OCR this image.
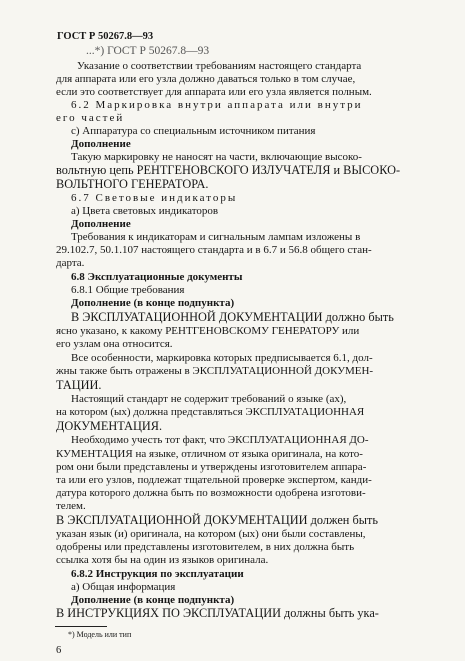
ГОСТ Р 50267.8—93
...*) ГОСТ Р 50267.8—93
Указание о соответствии требованиям настоящего стандарта
для аппарата или его узла должно даваться только в том случае,
если это соответствует для аппарата или его узла является полным.
6.2 Маркировка внутри аппарата или внутри
его частей
с) Аппаратура со специальным источником питания
Дополнение
Такую маркировку не наносят на части, включающие высоко-
вольтную цепь РЕНТГЕНОВСКОГО ИЗЛУЧАТЕЛЯ и ВЫСОКО-
ВОЛЬТНОГО ГЕНЕРАТОРА.
6.7 Световые индикаторы
а) Цвета световых индикаторов
Дополнение
Требования к индикаторам и сигнальным лампам изложены в
29.102.7, 50.1.107 настоящего стандарта и в 6.7 и 56.8 общего стан-
дарта.
6.8 Эксплуатационные документы
6.8.1 Общие требования
Дополнение (в конце подпункта)
В ЭКСПЛУАТАЦИОННОЙ ДОКУМЕНТАЦИИ должно быть
ясно указано, к какому РЕНТГЕНОВСКОМУ ГЕНЕРАТОРУ или
его узлам она относится.
Все особенности, маркировка которых предписывается 6.1, дол-
жны также быть отражены в ЭКСПЛУАТАЦИОННОЙ ДОКУМЕН-
ТАЦИИ.
Настоящий стандарт не содержит требований о языке (ах),
на котором (ых) должна представляться ЭКСПЛУАТАЦИОННАЯ
ДОКУМЕНТАЦИЯ.
Необходимо учесть тот факт, что ЭКСПЛУАТАЦИОННАЯ ДО-
КУМЕНТАЦИЯ на языке, отличном от языка оригинала, на кото-
ром они были представлены и утверждены изготовителем аппара-
та или его узлов, подлежат тщательной проверке экспертом, канди-
датура которого должна быть по возможности одобрена изготови-
телем.
В ЭКСПЛУАТАЦИОННОЙ ДОКУМЕНТАЦИИ должен быть
указан язык (и) оригинала, на котором (ых) они были составлены,
одобрены или представлены изготовителем, в них должна быть
ссылка хотя бы на один из языков оригинала.
6.8.2 Инструкция по эксплуатации
а) Общая информация
Дополнение (в конце подпункта)
В ИНСТРУКЦИЯХ ПО ЭКСПЛУАТАЦИИ должны быть ука-
*) Модель или тип
6
